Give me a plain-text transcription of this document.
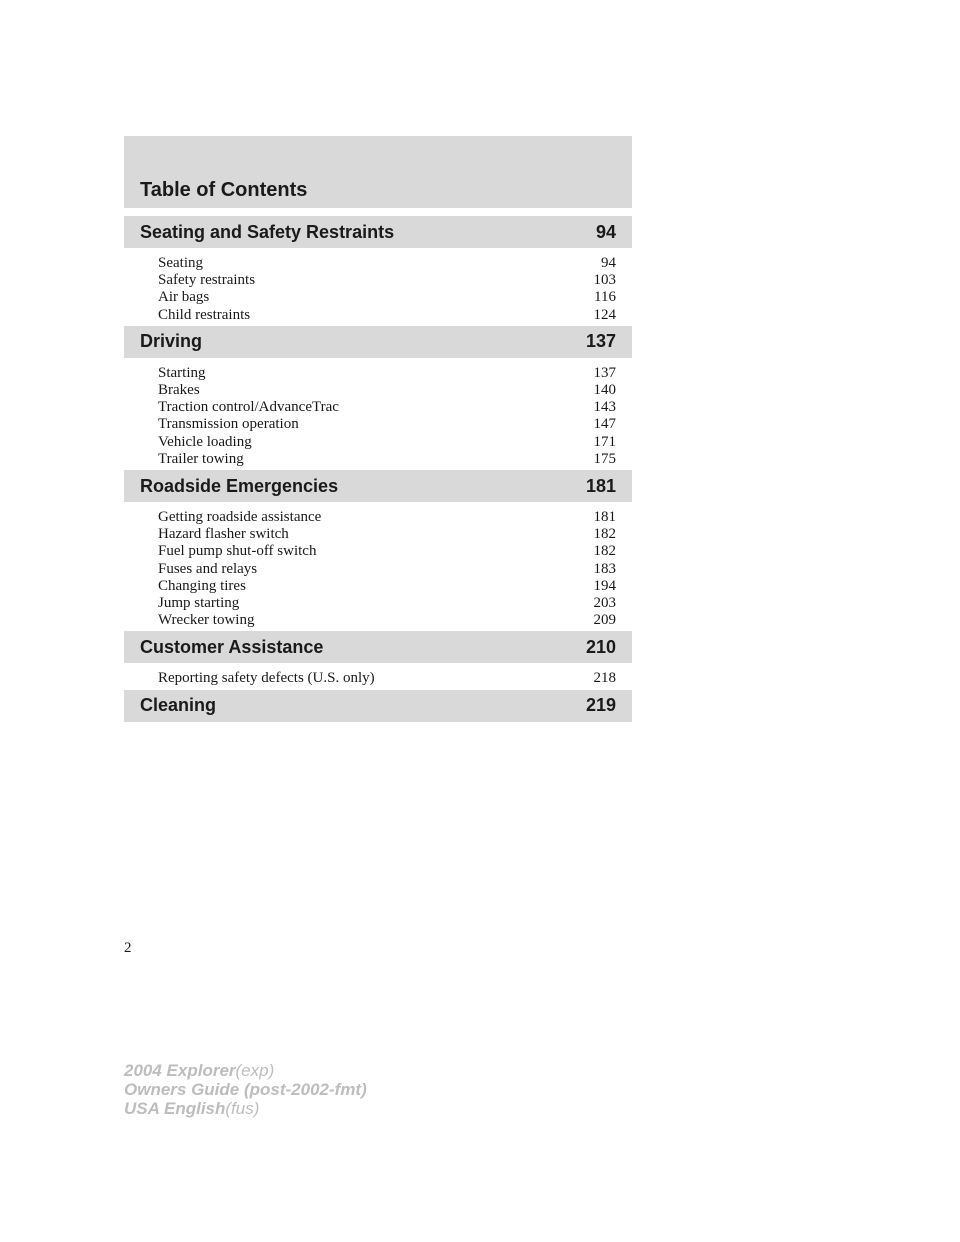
Table of Contents
Seating and Safety Restraints	94
Seating	94
Safety restraints	103
Air bags	116
Child restraints	124
Driving	137
Starting	137
Brakes	140
Traction control/AdvanceTrac	143
Transmission operation	147
Vehicle loading	171
Trailer towing	175
Roadside Emergencies	181
Getting roadside assistance	181
Hazard flasher switch	182
Fuel pump shut-off switch	182
Fuses and relays	183
Changing tires	194
Jump starting	203
Wrecker towing	209
Customer Assistance	210
Reporting safety defects (U.S. only)	218
Cleaning	219
2
2004 Explorer(exp)
Owners Guide (post-2002-fmt)
USA English(fus)
